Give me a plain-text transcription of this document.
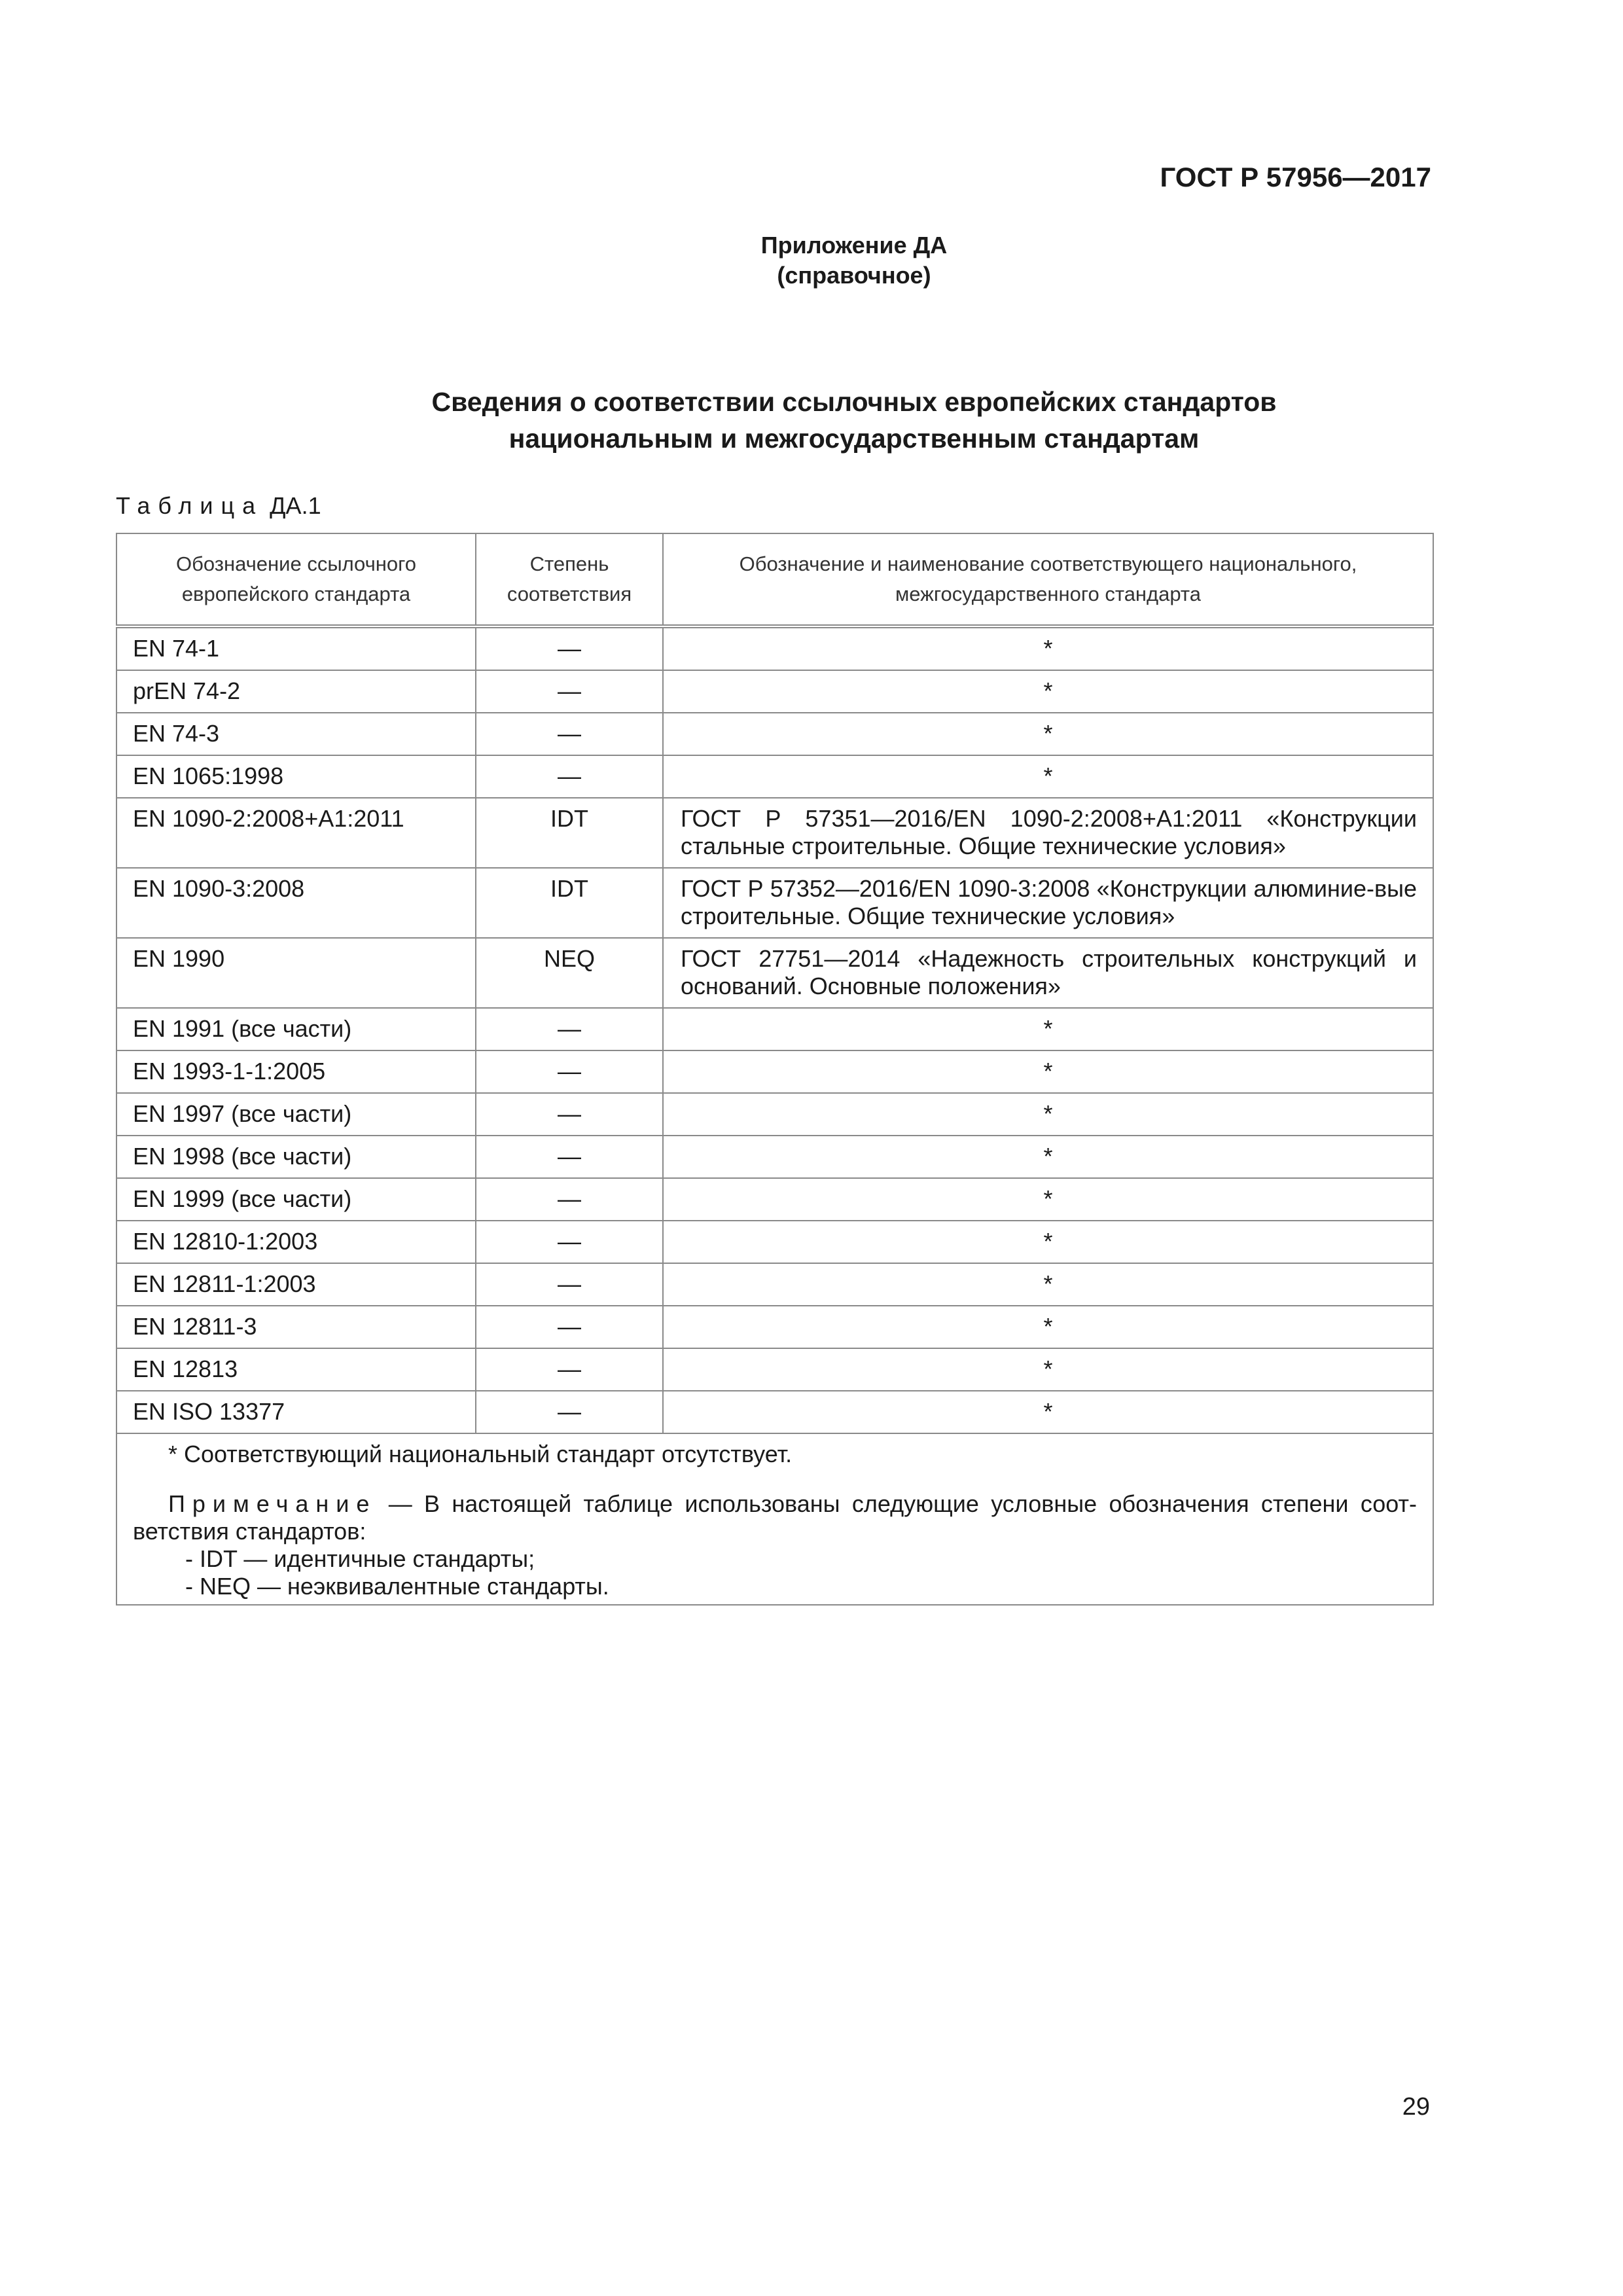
ГОСТ Р 57956—2017
Приложение ДА
(справочное)
Сведения о соответствии ссылочных европейских стандартов
национальным и межгосударственным стандартам
Таблица ДА.1
Обозначение ссылочного европейского стандарта	Степень соответствия	Обозначение и наименование соответствующего национального, межгосударственного стандарта
EN 74-1	—	*
prEN 74-2	—	*
EN 74-3	—	*
EN 1065:1998	—	*
EN 1090-2:2008+A1:2011	IDT	ГОСТ Р 57351—2016/EN 1090-2:2008+A1:2011 «Конструкции стальные строительные. Общие технические условия»
EN 1090-3:2008	IDT	ГОСТ Р 57352—2016/EN 1090-3:2008 «Конструкции алюминие-вые строительные. Общие технические условия»
EN 1990	NEQ	ГОСТ 27751—2014 «Надежность строительных конструкций и оснований. Основные положения»
EN 1991 (все части)	—	*
EN 1993-1-1:2005	—	*
EN 1997 (все части)	—	*
EN 1998 (все части)	—	*
EN 1999 (все части)	—	*
EN 12810-1:2003	—	*
EN 12811-1:2003	—	*
EN 12811-3	—	*
EN 12813	—	*
EN ISO 13377	—	*

* Соответствующий национальный стандарт отсутствует.
Примечание — В настоящей таблице использованы следующие условные обозначения степени соот-ветствия стандартов:
- IDT — идентичные стандарты;
- NEQ — неэквивалентные стандарты.		
29
